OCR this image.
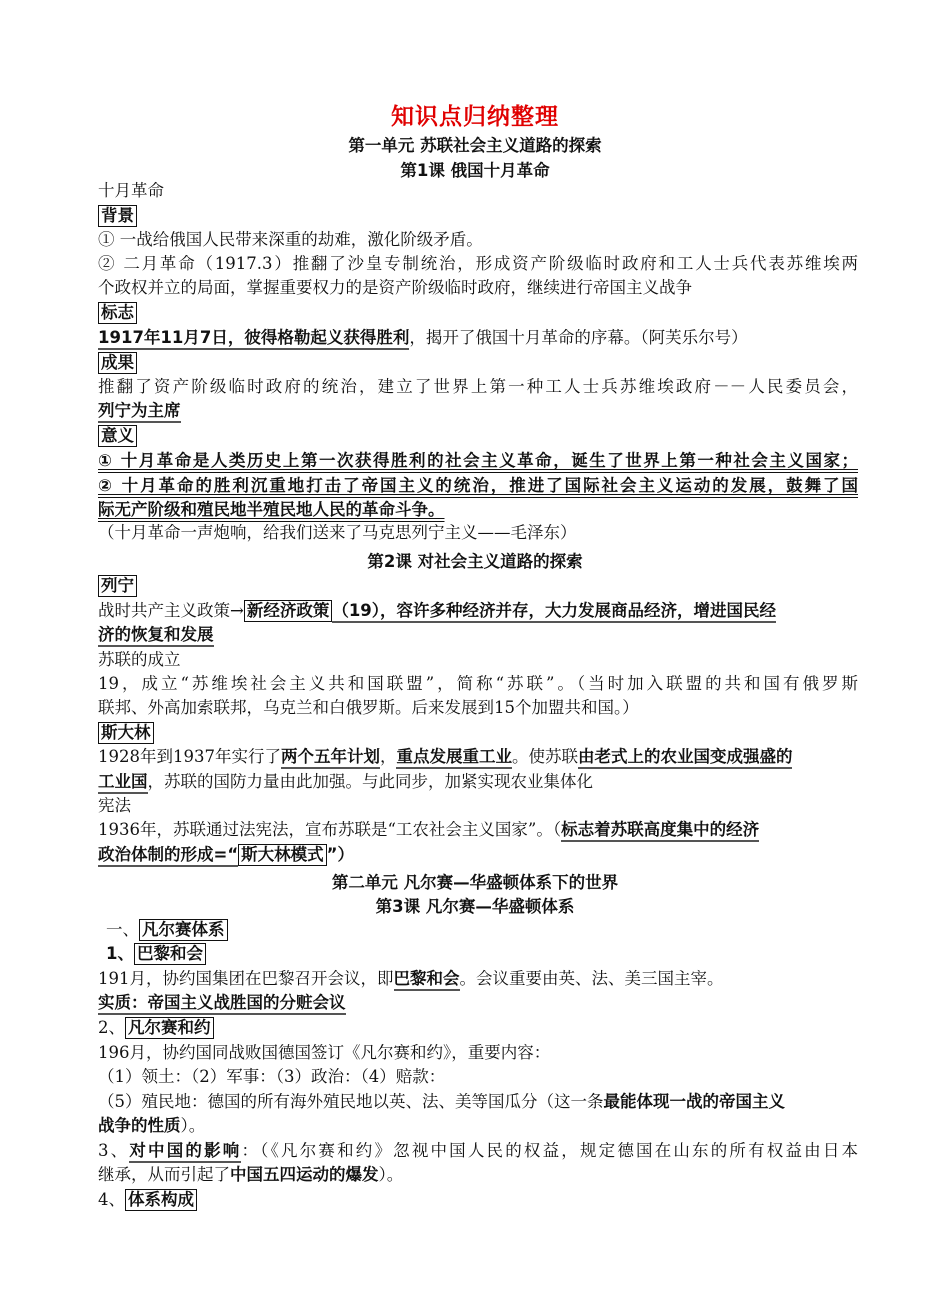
知识点归纳整理
第一单元 苏联社会主义道路的探索
第1课 俄国十月革命
十月革命
背景
① 一战给俄国人民带来深重的劫难，激化阶级矛盾。
② 二月革命（1917.3）推翻了沙皇专制统治，形成资产阶级临时政府和工人士兵代表苏维埃两
个政权并立的局面，掌握重要权力的是资产阶级临时政府，继续进行帝国主义战争
标志
1917年11月7日，彼得格勒起义获得胜利，揭开了俄国十月革命的序幕。（阿芙乐尔号）
成果
推翻了资产阶级临时政府的统治，建立了世界上第一种工人士兵苏维埃政府－－人民委员会，
列宁为主席
意义
① 十月革命是人类历史上第一次获得胜利的社会主义革命，诞生了世界上第一种社会主义国家；
② 十月革命的胜利沉重地打击了帝国主义的统治，推进了国际社会主义运动的发展，鼓舞了国
际无产阶级和殖民地半殖民地人民的革命斗争。
（十月革命一声炮响，给我们送来了马克思列宁主义——毛泽东）
第2课 对社会主义道路的探索
列宁
战时共产主义政策→ 新经济政策 （19），容许多种经济并存，大力发展商品经济，增进国民经
济的恢复和发展
苏联的成立
19，成立“苏维埃社会主义共和国联盟”，简称“苏联”。（当时加入联盟的共和国有俄罗斯
联邦、外高加索联邦，乌克兰和白俄罗斯。后来发展到15个加盟共和国。）
斯大林
1928年到1937年实行了两个五年计划，重点发展重工业。使苏联由老式上的农业国变成强盛的
工业国，苏联的国防力量由此加强。与此同步，加紧实现农业集体化
宪法
1936年，苏联通过法宪法，宣布苏联是“工农社会主义国家”。（标志着苏联高度集中的经济
政治体制的形成=“ 斯大林模式 ”）
第二单元 凡尔赛—华盛顿体系下的世界
第3课 凡尔赛—华盛顿体系
一、 凡尔赛体系
1、 巴黎和会
191月，协约国集团在巴黎召开会议，即巴黎和会。会议重要由英、法、美三国主宰。
实质：帝国主义战胜国的分赃会议
2、 凡尔赛和约
196月，协约国同战败国德国签订《凡尔赛和约》，重要内容：
（1）领土：（2）军事：（3）政治：（4）赔款：
（5）殖民地：德国的所有海外殖民地以英、法、美等国瓜分（这一条最能体现一战的帝国主义
战争的性质）。
3、对中国的影响：（《凡尔赛和约》忽视中国人民的权益，规定德国在山东的所有权益由日本
继承，从而引起了中国五四运动的爆发）。
4、 体系构成
